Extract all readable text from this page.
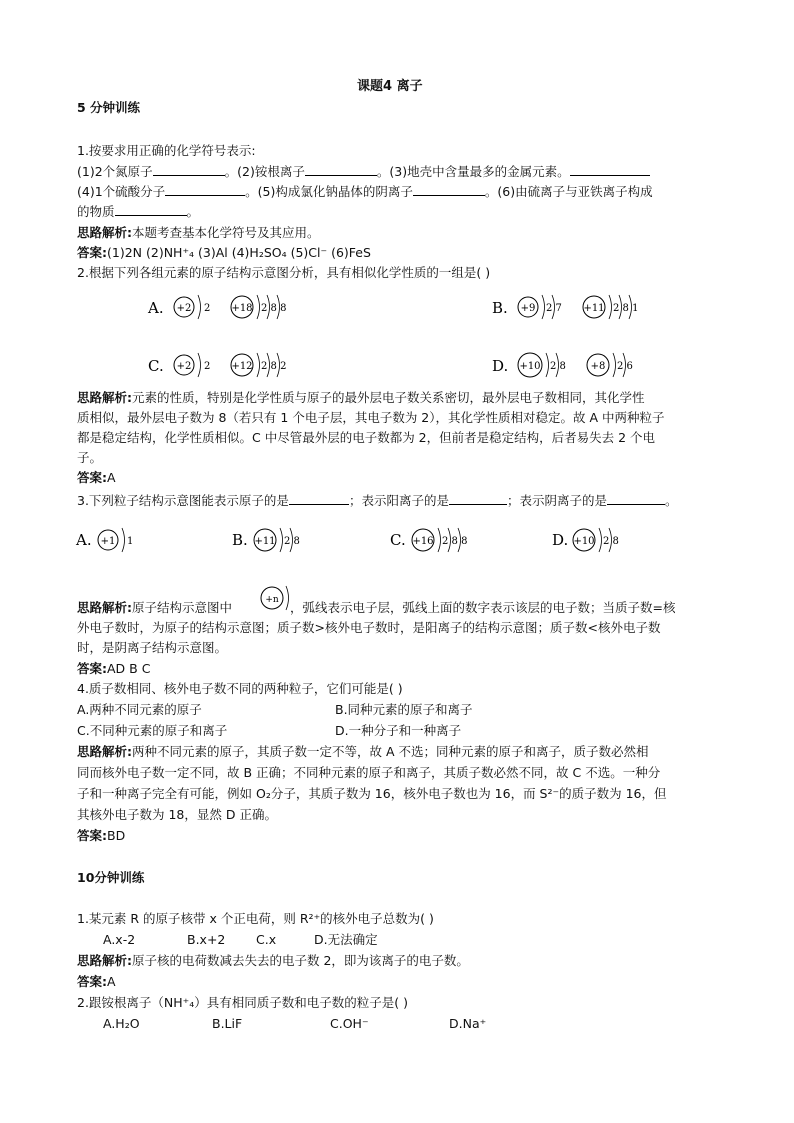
课题4 离子
5 分钟训练
1.按要求用正确的化学符号表示:
(1)2个氮原子	。(2)铵根离子	。(3)地壳中含量最多的金属元素。
(4)1个硫酸分子	。(5)构成氯化钠晶体的阴离子	。(6)由硫离子与亚铁离子构成
的物质	。
思路解析:本题考查基本化学符号及其应用。
答案:(1)2N (2)NH⁺₄ (3)Al (4)H₂SO₄ (5)Cl⁻ (6)FeS
2.根据下列各组元素的原子结构示意图分析，具有相似化学性质的一组是( )
A. +2 2 +18 2 8 8	B. +9 2 7 +11 2 8 1
C. +2 2 +12 2 8 2	D. +10 2 8 +8 2 6
思路解析:元素的性质，特别是化学性质与原子的最外层电子数关系密切，最外层电子数相同，其化学性
质相似，最外层电子数为 8（若只有 1 个电子层，其电子数为 2），其化学性质相对稳定。故 A 中两种粒子
都是稳定结构，化学性质相似。C 中尽管最外层的电子数都为 2，但前者是稳定结构，后者易失去 2 个电
子。
答案:A
3.下列粒子结构示意图能表示原子的是	；表示阳离子的是	；表示阴离子的是	。
A. +1 1	B. +11 2 8	C. +16 2 8 8	D. +10 2 8
思路解析:原子结构示意图中	+n ，弧线表示电子层，弧线上面的数字表示该层的电子数；当质子数=核
外电子数时，为原子的结构示意图；质子数>核外电子数时，是阳离子的结构示意图；质子数<核外电子数
时，是阴离子结构示意图。
答案:AD B C
4.质子数相同、核外电子数不同的两种粒子，它们可能是( )
A.两种不同元素的原子	B.同种元素的原子和离子
C.不同种元素的原子和离子	D.一种分子和一种离子
思路解析:两种不同元素的原子，其质子数一定不等，故 A 不选；同种元素的原子和离子，质子数必然相
同而核外电子数一定不同，故 B 正确；不同种元素的原子和离子，其质子数必然不同，故 C 不选。一种分
子和一种离子完全有可能，例如 O₂分子，其质子数为 16，核外电子数也为 16，而 S²⁻的质子数为 16，但
其核外电子数为 18，显然 D 正确。
答案:BD
10分钟训练
1.某元素 R 的原子核带 x 个正电荷，则 R²⁺的核外电子总数为( )
A.x-2	B.x+2 C.x	D.无法确定
思路解析:原子核的电荷数减去失去的电子数 2，即为该离子的电子数。
答案:A
2.跟铵根离子（NH⁺₄）具有相同质子数和电子数的粒子是( )
A.H₂O	B.LiF	C.OH⁻	D.Na⁺
